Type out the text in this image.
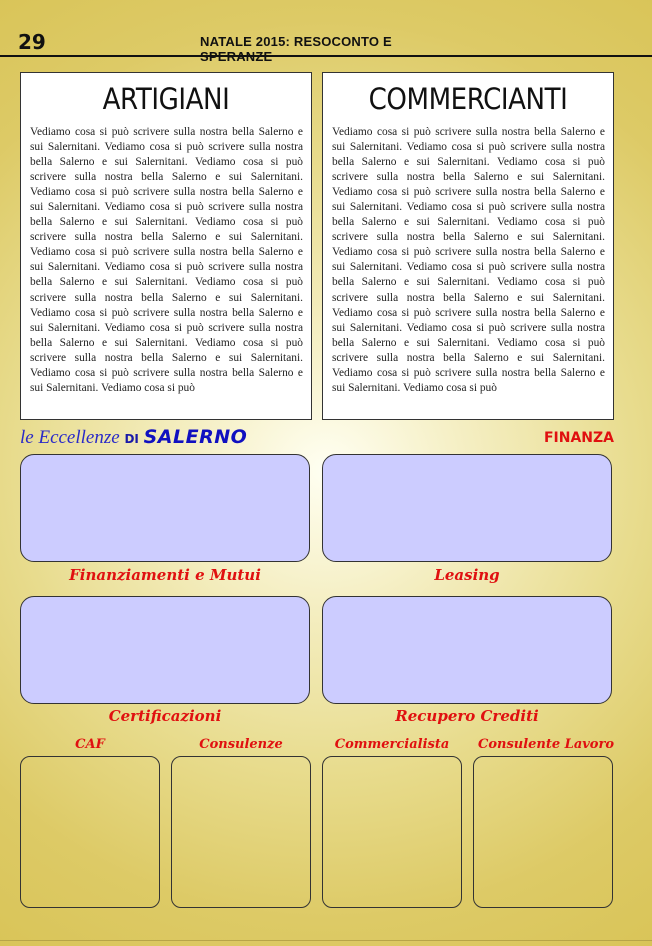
29	NATALE 2015: RESOCONTO E
ARTIGIANI
Vediamo cosa si può scrivere sulla nostra bella Salerno e sui Salernitani. Vediamo cosa si può scrivere sulla nostra bella Salerno e sui Salernitani. Vediamo cosa si può scrivere sulla nostra bella Salerno e sui Salernitani. Vediamo cosa si può scrivere sulla nostra bella Salerno e sui Salernitani. Vediamo cosa si può scrivere sulla nostra bella Salerno e sui Salernitani. Vediamo cosa si può scrivere sulla nostra bella Salerno e sui Salernitani. Vediamo cosa si può scrivere sulla nostra bella Salerno e sui Salernitani. Vediamo cosa si può scrivere sulla nostra bella Salerno e sui Salernitani. Vediamo cosa si può scrivere sulla nostra bella Salerno e sui Salernitani. Vediamo cosa si può scrivere sulla nostra bella Salerno e sui Salernitani. Vediamo cosa si può scrivere sulla nostra bella Salerno e sui Salernitani. Vediamo cosa si può scrivere sulla nostra bella Salerno e sui Salernitani. Vediamo cosa si può scrivere sulla nostra bella Salerno e sui Salernitani. Vediamo cosa si può
COMMERCIANTI
Vediamo cosa si può scrivere sulla nostra bella Salerno e sui Salernitani. Vediamo cosa si può scrivere sulla nostra bella Salerno e sui Salernitani. Vediamo cosa si può scrivere sulla nostra bella Salerno e sui Salernitani. Vediamo cosa si può scrivere sulla nostra bella Salerno e sui Salernitani. Vediamo cosa si può scrivere sulla nostra bella Salerno e sui Salernitani. Vediamo cosa si può scrivere sulla nostra bella Salerno e sui Salernitani. Vediamo cosa si può scrivere sulla nostra bella Salerno e sui Salernitani. Vediamo cosa si può scrivere sulla nostra bella Salerno e sui Salernitani. Vediamo cosa si può scrivere sulla nostra bella Salerno e sui Salernitani. Vediamo cosa si può scrivere sulla nostra bella Salerno e sui Salernitani. Vediamo cosa si può scrivere sulla nostra bella Salerno e sui Salernitani. Vediamo cosa si può scrivere sulla nostra bella Salerno e sui Salernitani. Vediamo cosa si può scrivere sulla nostra bella Salerno e sui Salernitani. Vediamo cosa si può
le Eccellenze DI SALERNO	FINANZA
Finanziamenti e Mutui	Leasing
Certificazioni	Recupero Crediti
CAF	Consulenze	Commercialista	Consulente Lavoro
